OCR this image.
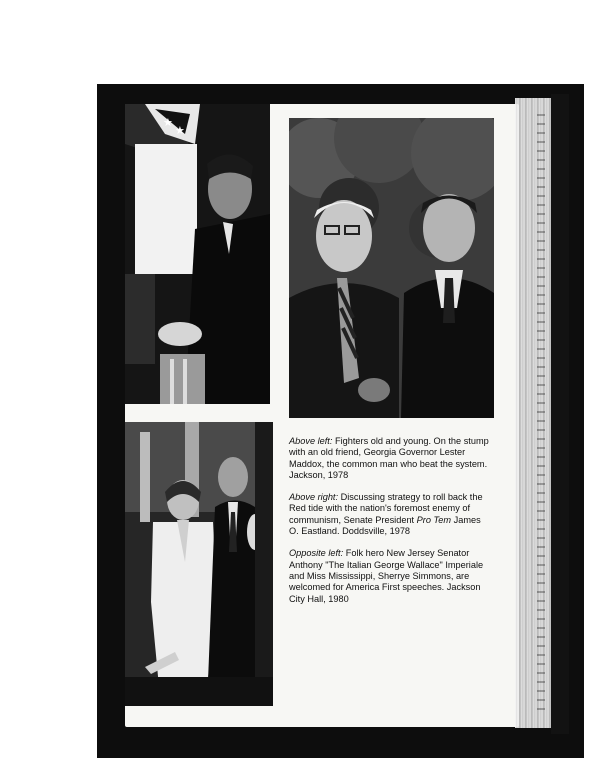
★
★

Above left: Fighters old and young. On the stump with an old friend, Georgia Governor Lester Maddox, the common man who beat the system. Jackson, 1978

Above right: Discussing strategy to roll back the Red tide with the nation's foremost enemy of communism, Senate President Pro Tem James O. Eastland. Doddsville, 1978

Opposite left: Folk hero New Jersey Senator Anthony "The Italian George Wallace" Imperiale and Miss Mississippi, Sherrye Simmons, are welcomed for America First speeches. Jackson City Hall, 1980
